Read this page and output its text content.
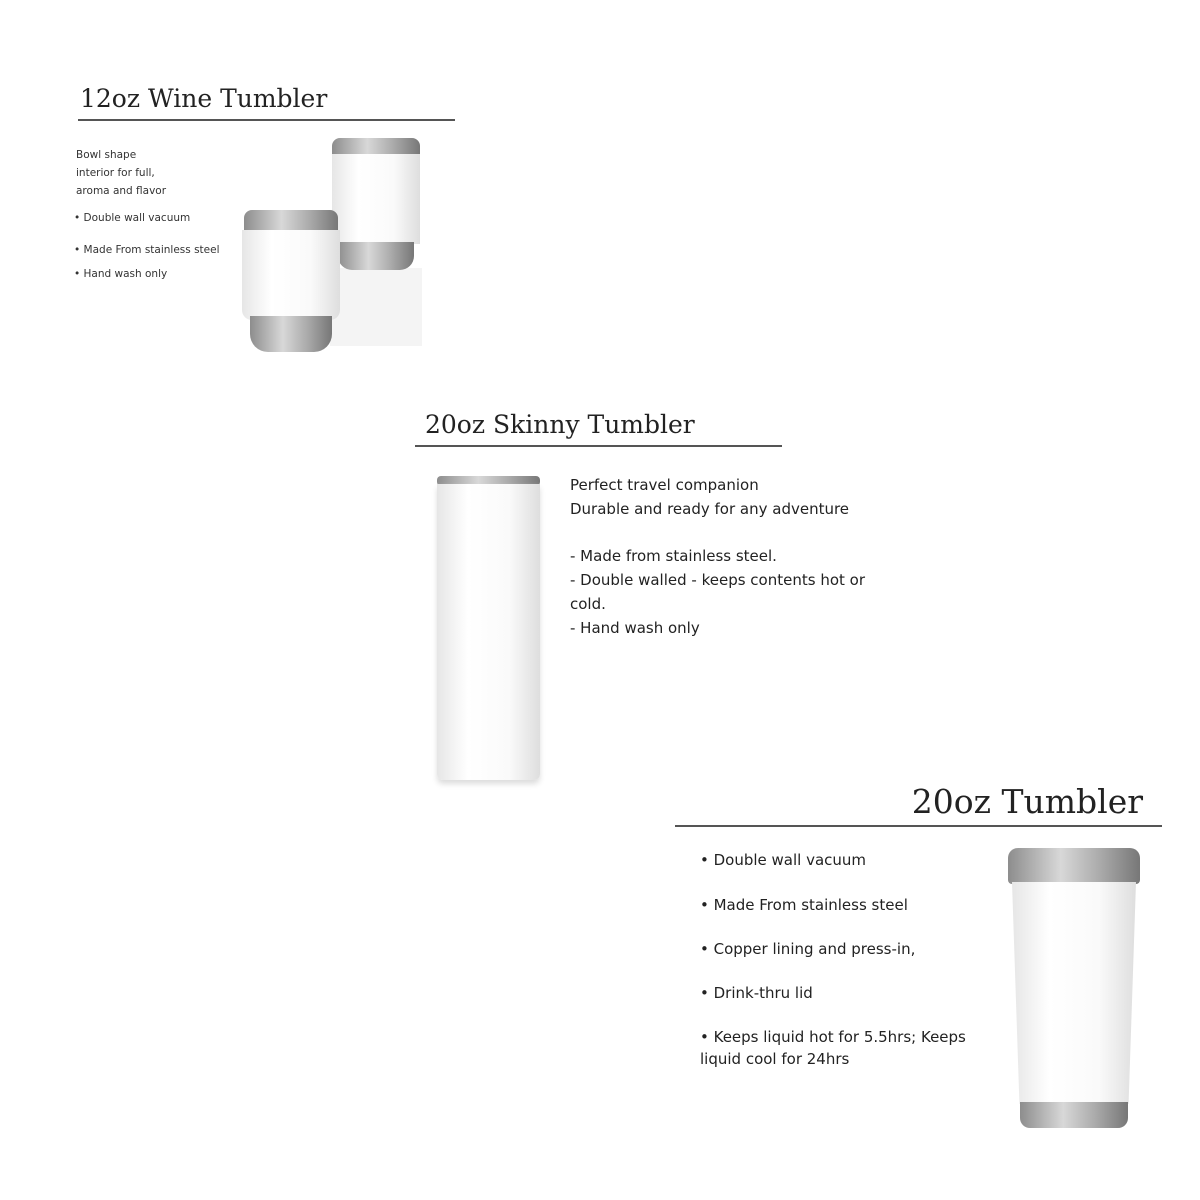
12oz Wine Tumbler
Bowl shape
interior for full,
aroma and flavor
• Double wall vacuum
• Made From stainless steel
• Hand wash only
20oz Skinny Tumbler
Perfect travel companion
Durable and ready for any adventure
- Made from stainless steel.
- Double walled - keeps contents hot or
cold.
- Hand wash only
20oz Tumbler
• Double wall vacuum
• Made From stainless steel
• Copper lining and press-in,
• Drink-thru lid
• Keeps liquid hot for 5.5hrs; Keeps
liquid cool for 24hrs
